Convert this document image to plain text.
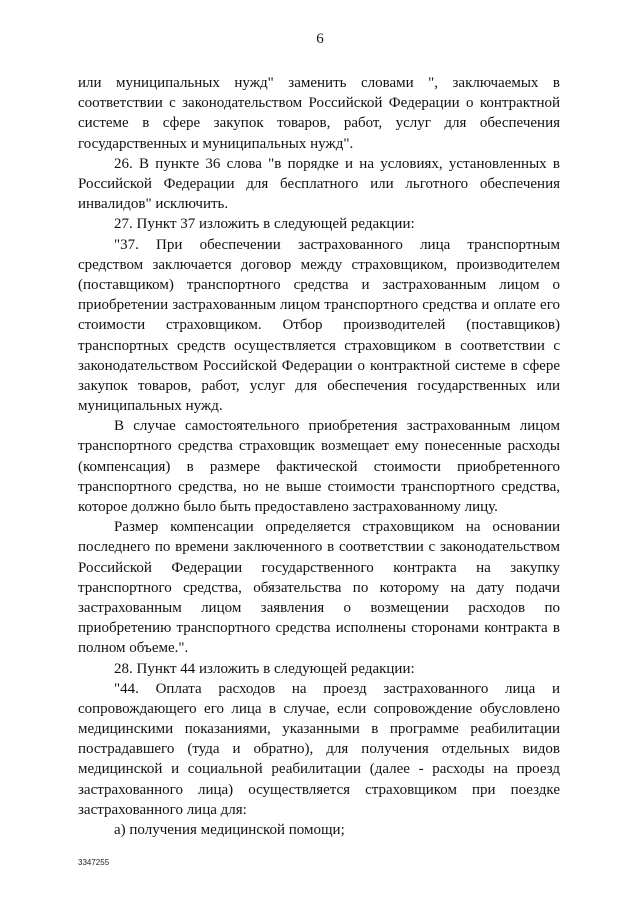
6
или муниципальных нужд" заменить словами ", заключаемых в
соответствии с законодательством Российской Федерации о контрактной
системе в сфере закупок товаров, работ, услуг для обеспечения
государственных и муниципальных нужд".
26. В пункте 36 слова "в порядке и на условиях, установленных в
Российской Федерации для бесплатного или льготного обеспечения
инвалидов" исключить.
27. Пункт 37 изложить в следующей редакции:
"37. При обеспечении застрахованного лица транспортным
средством заключается договор между страховщиком, производителем
(поставщиком) транспортного средства и застрахованным лицом о
приобретении застрахованным лицом транспортного средства и оплате его
стоимости страховщиком. Отбор производителей (поставщиков)
транспортных средств осуществляется страховщиком в соответствии с
законодательством Российской Федерации о контрактной системе в сфере
закупок товаров, работ, услуг для обеспечения государственных или
муниципальных нужд.
В случае самостоятельного приобретения застрахованным лицом
транспортного средства страховщик возмещает ему понесенные расходы
(компенсация) в размере фактической стоимости приобретенного
транспортного средства, но не выше стоимости транспортного средства,
которое должно было быть предоставлено застрахованному лицу.
Размер компенсации определяется страховщиком на основании
последнего по времени заключенного в соответствии с законодательством
Российской Федерации государственного контракта на закупку
транспортного средства, обязательства по которому на дату подачи
застрахованным лицом заявления о возмещении расходов по
приобретению транспортного средства исполнены сторонами контракта в
полном объеме.".
28. Пункт 44 изложить в следующей редакции:
"44. Оплата расходов на проезд застрахованного лица и
сопровождающего его лица в случае, если сопровождение обусловлено
медицинскими показаниями, указанными в программе реабилитации
пострадавшего (туда и обратно), для получения отдельных видов
медицинской и социальной реабилитации (далее - расходы на проезд
застрахованного лица) осуществляется страховщиком при поездке
застрахованного лица для:
а) получения медицинской помощи;
3347255
